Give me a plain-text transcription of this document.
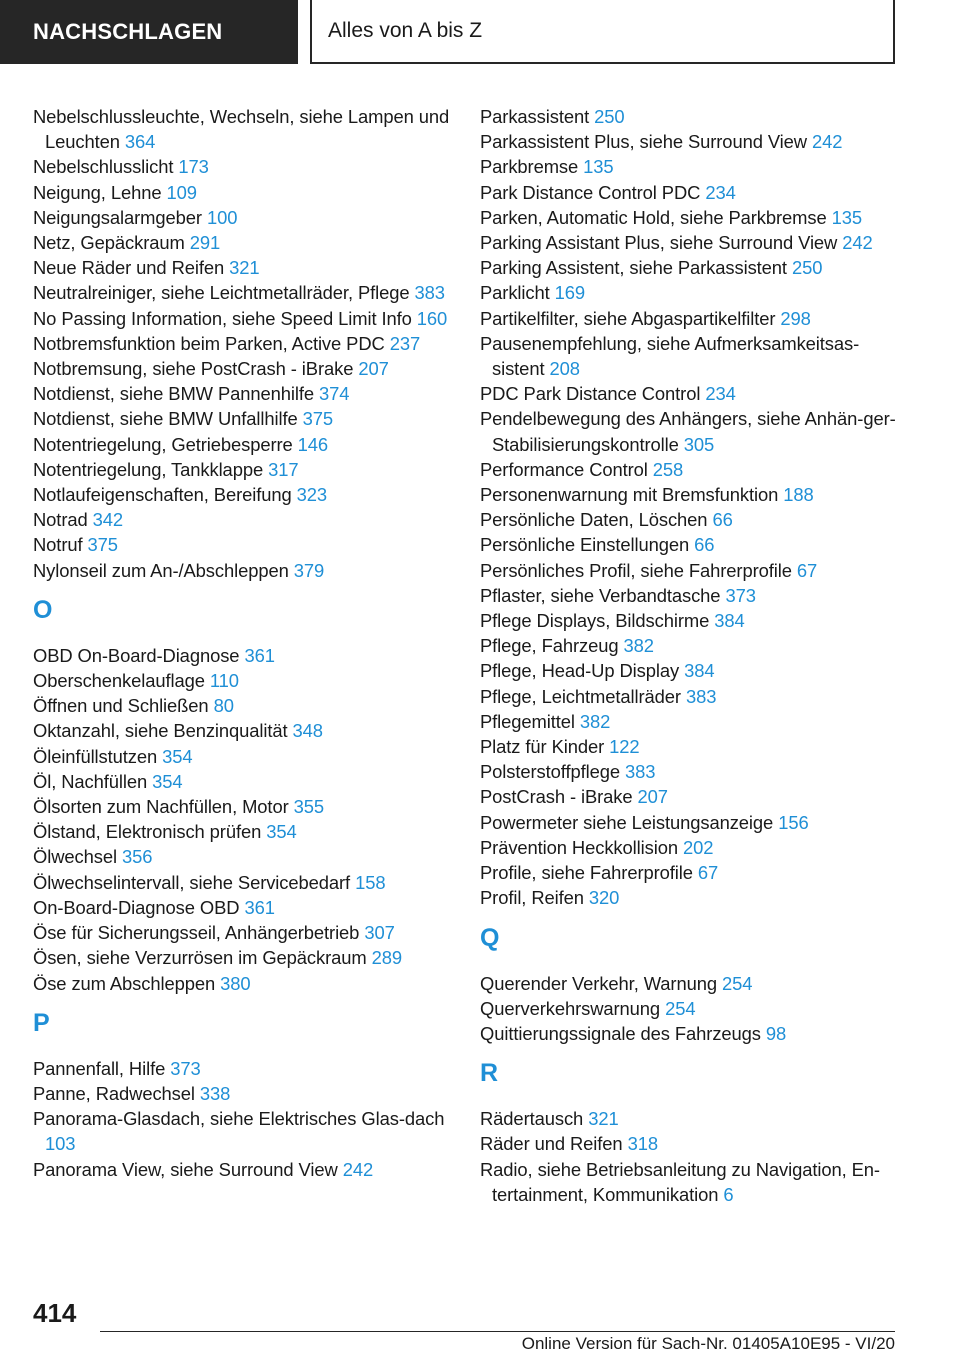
NACHSCHLAGEN	Alles von A bis Z
Nebelschlussleuchte, Wechseln, siehe Lampen und Leuchten 364
Nebelschlusslicht 173
Neigung, Lehne 109
Neigungsalarmgeber 100
Netz, Gepäckraum 291
Neue Räder und Reifen 321
Neutralreiniger, siehe Leichtmetallräder, Pflege 383
No Passing Information, siehe Speed Limit Info 160
Notbremsfunktion beim Parken, Active PDC 237
Notbremsung, siehe PostCrash - iBrake 207
Notdienst, siehe BMW Pannenhilfe 374
Notdienst, siehe BMW Unfallhilfe 375
Notentriegelung, Getriebesperre 146
Notentriegelung, Tankklappe 317
Notlaufeigenschaften, Bereifung 323
Notrad 342
Notruf 375
Nylonseil zum An-/Abschleppen 379
O
OBD On-Board-Diagnose 361
Oberschenkelauflage 110
Öffnen und Schließen 80
Oktanzahl, siehe Benzinqualität 348
Öleinfüllstutzen 354
Öl, Nachfüllen 354
Ölsorten zum Nachfüllen, Motor 355
Ölstand, Elektronisch prüfen 354
Ölwechsel 356
Ölwechselintervall, siehe Servicebedarf 158
On-Board-Diagnose OBD 361
Öse für Sicherungsseil, Anhängerbetrieb 307
Ösen, siehe Verzurrösen im Gepäckraum 289
Öse zum Abschleppen 380
P
Pannenfall, Hilfe 373
Panne, Radwechsel 338
Panorama-Glasdach, siehe Elektrisches Glas-dach 103
Panorama View, siehe Surround View 242
Parkassistent 250
Parkassistent Plus, siehe Surround View 242
Parkbremse 135
Park Distance Control PDC 234
Parken, Automatic Hold, siehe Parkbremse 135
Parking Assistant Plus, siehe Surround View 242
Parking Assistent, siehe Parkassistent 250
Parklicht 169
Partikelfilter, siehe Abgaspartikelfilter 298
Pausenempfehlung, siehe Aufmerksamkeitsas-sistent 208
PDC Park Distance Control 234
Pendelbewegung des Anhängers, siehe Anhän-ger-Stabilisierungskontrolle 305
Performance Control 258
Personenwarnung mit Bremsfunktion 188
Persönliche Daten, Löschen 66
Persönliche Einstellungen 66
Persönliches Profil, siehe Fahrerprofile 67
Pflaster, siehe Verbandtasche 373
Pflege Displays, Bildschirme 384
Pflege, Fahrzeug 382
Pflege, Head-Up Display 384
Pflege, Leichtmetallräder 383
Pflegemittel 382
Platz für Kinder 122
Polsterstoffpflege 383
PostCrash - iBrake 207
Powermeter siehe Leistungsanzeige 156
Prävention Heckkollision 202
Profile, siehe Fahrerprofile 67
Profil, Reifen 320
Q
Querender Verkehr, Warnung 254
Querverkehrswarnung 254
Quittierungssignale des Fahrzeugs 98
R
Rädertausch 321
Räder und Reifen 318
Radio, siehe Betriebsanleitung zu Navigation, En-tertainment, Kommunikation 6
414
Online Version für Sach-Nr. 01405A10E95 - VI/20
